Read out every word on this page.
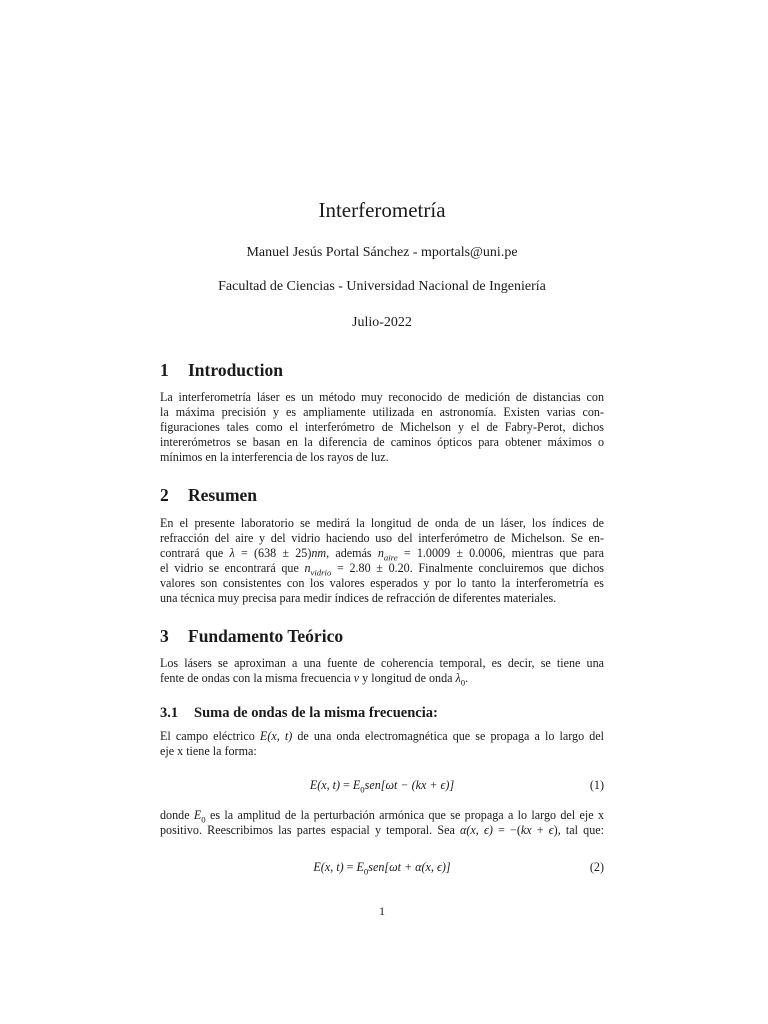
Interferometría
Manuel Jesús Portal Sánchez - mportals@uni.pe
Facultad de Ciencias - Universidad Nacional de Ingeniería
Julio-2022
1 Introduction
La interferometría láser es un método muy reconocido de medición de distancias con
la máxima precisión y es ampliamente utilizada en astronomía. Existen varias con-
figuraciones tales como el interferómetro de Michelson y el de Fabry-Perot, dichos
intererómetros se basan en la diferencia de caminos ópticos para obtener máximos o
mínimos en la interferencia de los rayos de luz.
2 Resumen
En el presente laboratorio se medirá la longitud de onda de un láser, los índices de
refracción del aire y del vidrio haciendo uso del interferómetro de Michelson. Se en-
contrará que λ = (638 ± 25)nm, además $n_{aire} = 1.0009 \pm 0.0006$, mientras que para
el vidrio se encontrará que $n_{vidrio} = 2.80 \pm 0.20$. Finalmente concluiremos que dichos
valores son consistentes con los valores esperados y por lo tanto la interferometría es
una técnica muy precisa para medir índices de refracción de diferentes materiales.
3 Fundamento Teórico
Los lásers se aproximan a una fuente de coherencia temporal, es decir, se tiene una
fente de ondas con la misma frecuencia ν y longitud de onda $\lambda_0$.
3.1 Suma de ondas de la misma frecuencia:
El campo eléctrico E(x, t) de una onda electromagnética que se propaga a lo largo del
eje x tiene la forma:
E(x, $t) = E_0sen[\omega t - (kx + \epsilon)]$	(1)
donde $E_0$ es la amplitud de la perturbación armónica que se propaga a lo largo del eje x
positivo. Reescribimos las partes espacial y temporal. Sea α(x, ϵ) = −(kx + ϵ), tal que:
E(x, $t) = E_0sen[\omega t + \alpha(x$, ϵ)]	(2)
1
